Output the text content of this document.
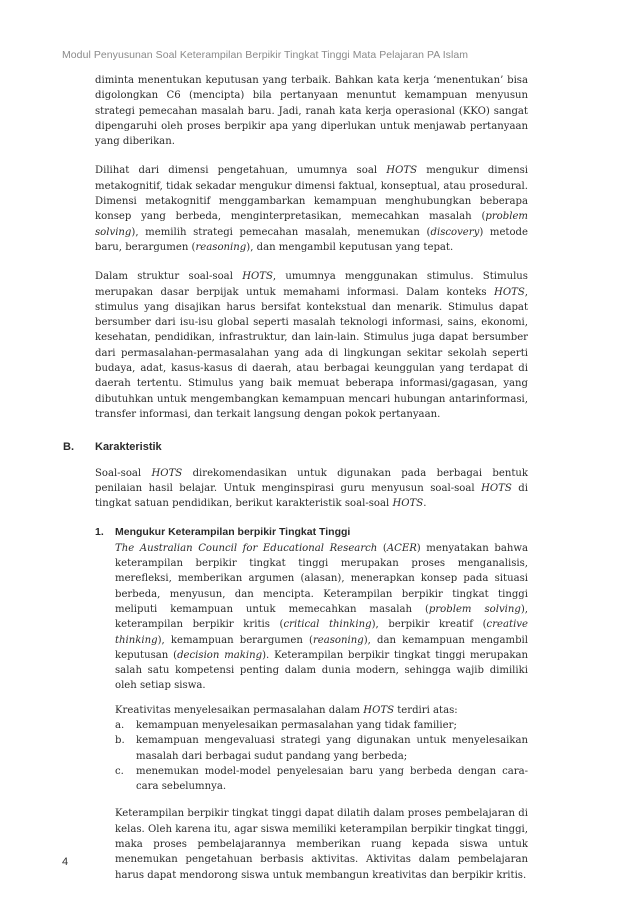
Modul Penyusunan Soal Keterampilan Berpikir Tingkat Tinggi Mata Pelajaran PA Islam

diminta menentukan keputusan yang terbaik. Bahkan kata kerja ‘menentukan’ bisa digolongkan C6 (mencipta) bila pertanyaan menuntut kemampuan menyusun strategi pemecahan masalah baru. Jadi, ranah kata kerja operasional (KKO) sangat dipengaruhi oleh proses berpikir apa yang diperlukan untuk menjawab pertanyaan yang diberikan.

Dilihat dari dimensi pengetahuan, umumnya soal HOTS mengukur dimensi metakognitif, tidak sekadar mengukur dimensi faktual, konseptual, atau prosedural. Dimensi metakognitif menggambarkan kemampuan menghubungkan beberapa konsep yang berbeda, menginterpretasikan, memecahkan masalah (problem solving), memilih strategi pemecahan masalah, menemukan (discovery) metode baru, berargumen (reasoning), dan mengambil keputusan yang tepat.

Dalam struktur soal-soal HOTS, umumnya menggunakan stimulus. Stimulus merupakan dasar berpijak untuk memahami informasi. Dalam konteks HOTS, stimulus yang disajikan harus bersifat kontekstual dan menarik. Stimulus dapat bersumber dari isu-isu global seperti masalah teknologi informasi, sains, ekonomi, kesehatan, pendidikan, infrastruktur, dan lain-lain. Stimulus juga dapat bersumber dari permasalahan-permasalahan yang ada di lingkungan sekitar sekolah seperti budaya, adat, kasus-kasus di daerah, atau berbagai keunggulan yang terdapat di daerah tertentu. Stimulus yang baik memuat beberapa informasi/gagasan, yang dibutuhkan untuk mengembangkan kemampuan mencari hubungan antarinformasi, transfer informasi, dan terkait langsung dengan pokok pertanyaan.

B. Karakteristik

Soal-soal HOTS direkomendasikan untuk digunakan pada berbagai bentuk penilaian hasil belajar. Untuk menginspirasi guru menyusun soal-soal HOTS di tingkat satuan pendidikan, berikut karakteristik soal-soal HOTS.

1. Mengukur Keterampilan berpikir Tingkat Tinggi

The Australian Council for Educational Research (ACER) menyatakan bahwa keterampilan berpikir tingkat tinggi merupakan proses menganalisis, merefleksi, memberikan argumen (alasan), menerapkan konsep pada situasi berbeda, menyusun, dan mencipta. Keterampilan berpikir tingkat tinggi meliputi kemampuan untuk memecahkan masalah (problem solving), keterampilan berpikir kritis (critical thinking), berpikir kreatif (creative thinking), kemampuan berargumen (reasoning), dan kemampuan mengambil keputusan (decision making). Keterampilan berpikir tingkat tinggi merupakan salah satu kompetensi penting dalam dunia modern, sehingga wajib dimiliki oleh setiap siswa.

Kreativitas menyelesaikan permasalahan dalam HOTS terdiri atas:

a. kemampuan menyelesaikan permasalahan yang tidak familier;
b. kemampuan mengevaluasi strategi yang digunakan untuk menyelesaikan masalah dari berbagai sudut pandang yang berbeda;
c. menemukan model-model penyelesaian baru yang berbeda dengan cara-cara sebelumnya.

Keterampilan berpikir tingkat tinggi dapat dilatih dalam proses pembelajaran di kelas. Oleh karena itu, agar siswa memiliki keterampilan berpikir tingkat tinggi, maka proses pembelajarannya memberikan ruang kepada siswa untuk menemukan pengetahuan berbasis aktivitas. Aktivitas dalam pembelajaran harus dapat mendorong siswa untuk membangun kreativitas dan berpikir kritis.

4
